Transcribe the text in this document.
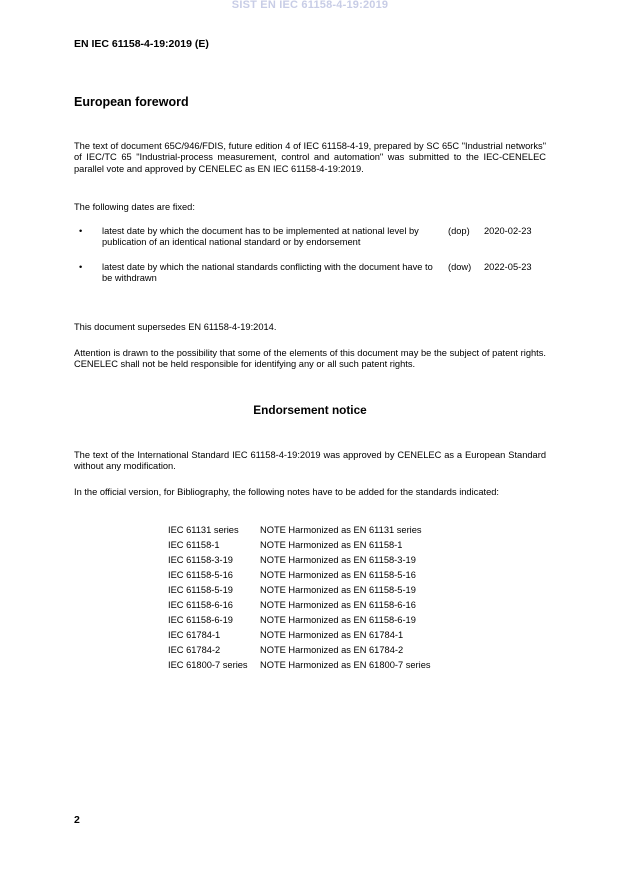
SIST EN IEC 61158-4-19:2019
EN IEC 61158-4-19:2019 (E)
European foreword

The text of document 65C/946/FDIS, future edition 4 of IEC 61158-4-19, prepared by SC 65C "Industrial networks" of IEC/TC 65 "Industrial-process measurement, control and automation" was submitted to the IEC-CENELEC parallel vote and approved by CENELEC as EN IEC 61158-4-19:2019.

The following dates are fixed:

• latest date by which the document has to be implemented at national level by publication of an identical national standard or by endorsement
(dop) 2020-02-23
• latest date by which the national standards conflicting with the document have to be withdrawn
(dow) 2022-05-23

This document supersedes EN 61158-4-19:2014.

Attention is drawn to the possibility that some of the elements of this document may be the subject of patent rights. CENELEC shall not be held responsible for identifying any or all such patent rights.

Endorsement notice

The text of the International Standard IEC 61158-4-19:2019 was approved by CENELEC as a European Standard without any modification.

In the official version, for Bibliography, the following notes have to be added for the standards indicated:

IEC 61131 series NOTE Harmonized as EN 61131 series
IEC 61158-1	NOTE Harmonized as EN 61158-1
IEC 61158-3-19	NOTE Harmonized as EN 61158-3-19
IEC 61158-5-16	NOTE Harmonized as EN 61158-5-16
IEC 61158-5-19	NOTE Harmonized as EN 61158-5-19
IEC 61158-6-16	NOTE Harmonized as EN 61158-6-16
IEC 61158-6-19	NOTE Harmonized as EN 61158-6-19
IEC 61784-1	NOTE Harmonized as EN 61784-1
IEC 61784-2	NOTE Harmonized as EN 61784-2
IEC 61800-7 series NOTE Harmonized as EN 61800-7 series
2
